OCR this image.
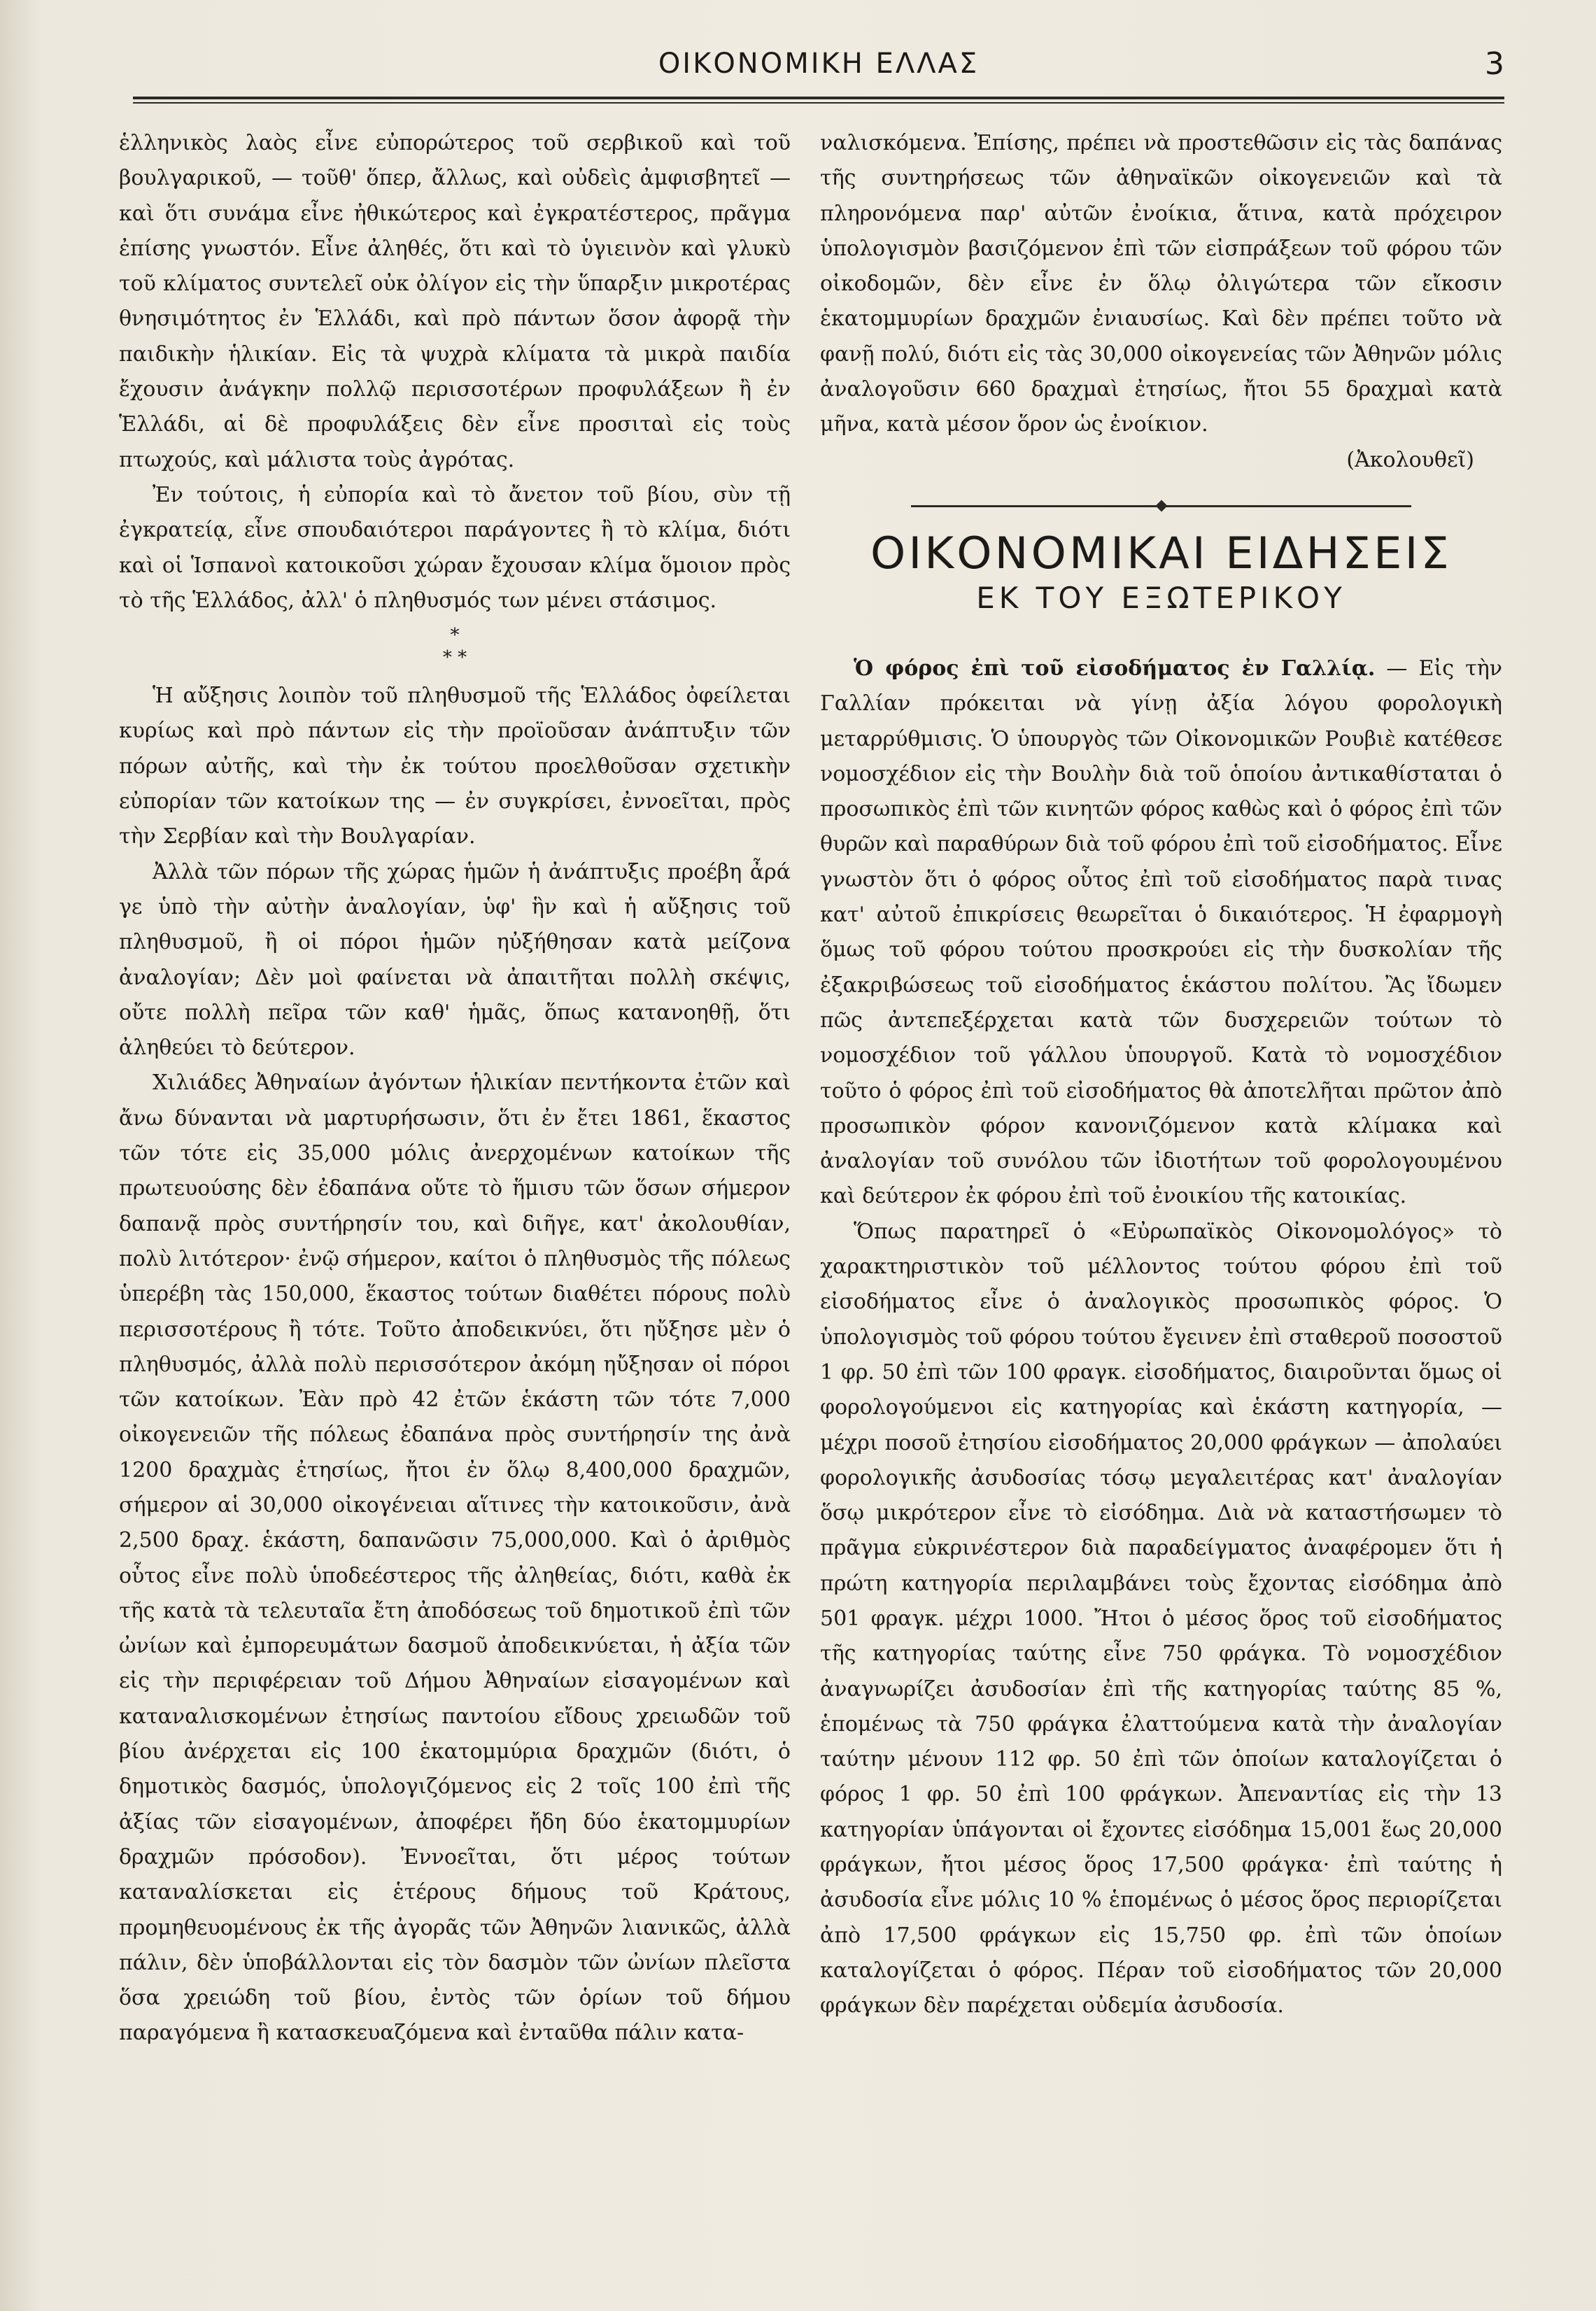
ΟΙΚΟΝΟΜΙΚΗ ΕΛΛΑΣ	3

ἑλληνικὸς λαὸς εἶνε εὐπορώτερος τοῦ σερβικοῦ καὶ τοῦ βουλγαρικοῦ, — τοῦθ' ὅπερ, ἄλλως, καὶ οὐδεὶς ἀμφισβητεῖ — καὶ ὅτι συνάμα εἶνε ἠθικώτερος καὶ ἐγκρατέστερος, πρᾶγμα ἐπίσης γνωστόν. Εἶνε ἀληθές, ὅτι καὶ τὸ ὑγιεινὸν καὶ γλυκὺ τοῦ κλίματος συντελεῖ οὐκ ὀλίγον εἰς τὴν ὕπαρξιν μικροτέρας θνησιμότητος ἐν Ἑλλάδι, καὶ πρὸ πάντων ὅσον ἀφορᾷ τὴν παιδικὴν ἡλικίαν. Εἰς τὰ ψυχρὰ κλίματα τὰ μικρὰ παιδία ἔχουσιν ἀνάγκην πολλῷ περισσοτέρων προφυλάξεων ἢ ἐν Ἑλλάδι, αἱ δὲ προφυλάξεις δὲν εἶνε προσιταὶ εἰς τοὺς πτωχούς, καὶ μάλιστα τοὺς ἀγρότας.

Ἐν τούτοις, ἡ εὐπορία καὶ τὸ ἄνετον τοῦ βίου, σὺν τῇ ἐγκρατείᾳ, εἶνε σπουδαιότεροι παράγοντες ἢ τὸ κλίμα, διότι καὶ οἱ Ἱσπανοὶ κατοικοῦσι χώραν ἔχουσαν κλίμα ὅμοιον πρὸς τὸ τῆς Ἑλλάδος, ἀλλ' ὁ πληθυσμός των μένει στάσιμος.

*
* *

Ἡ αὔξησις λοιπὸν τοῦ πληθυσμοῦ τῆς Ἑλλάδος ὀφείλεται κυρίως καὶ πρὸ πάντων εἰς τὴν προϊοῦσαν ἀνάπτυξιν τῶν πόρων αὐτῆς, καὶ τὴν ἐκ τούτου προελθοῦσαν σχετικὴν εὐπορίαν τῶν κατοίκων της — ἐν συγκρίσει, ἐννοεῖται, πρὸς τὴν Σερβίαν καὶ τὴν Βουλγαρίαν.

Ἀλλὰ τῶν πόρων τῆς χώρας ἡμῶν ἡ ἀνάπτυξις προέβη ἆρά γε ὑπὸ τὴν αὐτὴν ἀναλογίαν, ὑφ' ἣν καὶ ἡ αὔξησις τοῦ πληθυσμοῦ, ἢ οἱ πόροι ἡμῶν ηὐξήθησαν κατὰ μείζονα ἀναλογίαν; Δὲν μοὶ φαίνεται νὰ ἀπαιτῆται πολλὴ σκέψις, οὔτε πολλὴ πεῖρα τῶν καθ' ἡμᾶς, ὅπως κατανοηθῇ, ὅτι ἀληθεύει τὸ δεύτερον.

Χιλιάδες Ἀθηναίων ἀγόντων ἡλικίαν πεντήκοντα ἐτῶν καὶ ἄνω δύνανται νὰ μαρτυρήσωσιν, ὅτι ἐν ἔτει 1861, ἕκαστος τῶν τότε εἰς 35,000 μόλις ἀνερχομένων κατοίκων τῆς πρωτευούσης δὲν ἐδαπάνα οὔτε τὸ ἥμισυ τῶν ὅσων σήμερον δαπανᾷ πρὸς συντήρησίν του, καὶ διῆγε, κατ' ἀκολουθίαν, πολὺ λιτότερον· ἐνῷ σήμερον, καίτοι ὁ πληθυσμὸς τῆς πόλεως ὑπερέβη τὰς 150,000, ἕκαστος τούτων διαθέτει πόρους πολὺ περισσοτέρους ἢ τότε. Τοῦτο ἀποδεικνύει, ὅτι ηὔξησε μὲν ὁ πληθυσμός, ἀλλὰ πολὺ περισσότερον ἀκόμη ηὔξησαν οἱ πόροι τῶν κατοίκων. Ἐὰν πρὸ 42 ἐτῶν ἑκάστη τῶν τότε 7,000 οἰκογενειῶν τῆς πόλεως ἐδαπάνα πρὸς συντήρησίν της ἀνὰ 1200 δραχμὰς ἐτησίως, ἤτοι ἐν ὅλῳ 8,400,000 δραχμῶν, σήμερον αἱ 30,000 οἰκογένειαι αἵτινες τὴν κατοικοῦσιν, ἀνὰ 2,500 δραχ. ἑκάστη, δαπανῶσιν 75,000,000. Καὶ ὁ ἀριθμὸς οὗτος εἶνε πολὺ ὑποδεέστερος τῆς ἀληθείας, διότι, καθὰ ἐκ τῆς κατὰ τὰ τελευταῖα ἔτη ἀποδόσεως τοῦ δημοτικοῦ ἐπὶ τῶν ὠνίων καὶ ἐμπορευμάτων δασμοῦ ἀποδεικνύεται, ἡ ἀξία τῶν εἰς τὴν περιφέρειαν τοῦ Δήμου Ἀθηναίων εἰσαγομένων καὶ καταναλισκομένων ἐτησίως παντοίου εἴδους χρειωδῶν τοῦ βίου ἀνέρχεται εἰς 100 ἑκατομμύρια δραχμῶν (διότι, ὁ δημοτικὸς δασμός, ὑπολογιζόμενος εἰς 2 τοῖς 100 ἐπὶ τῆς ἀξίας τῶν εἰσαγομένων, ἀποφέρει ἤδη δύο ἑκατομμυρίων δραχμῶν πρόσοδον). Ἐννοεῖται, ὅτι μέρος τούτων καταναλίσκεται εἰς ἑτέρους δήμους τοῦ Κράτους, προμηθευομένους ἐκ τῆς ἀγορᾶς τῶν Ἀθηνῶν λιανικῶς, ἀλλὰ πάλιν, δὲν ὑποβάλλονται εἰς τὸν δασμὸν τῶν ὠνίων πλεῖστα ὅσα χρειώδη τοῦ βίου, ἐντὸς τῶν ὁρίων τοῦ δήμου παραγόμενα ἢ κατασκευαζόμενα καὶ ἐνταῦθα πάλιν κατα-

ναλισκόμενα. Ἐπίσης, πρέπει νὰ προστεθῶσιν εἰς τὰς δαπάνας τῆς συντηρήσεως τῶν ἀθηναϊκῶν οἰκογενειῶν καὶ τὰ πληρονόμενα παρ' αὐτῶν ἐνοίκια, ἅτινα, κατὰ πρόχειρον ὑπολογισμὸν βασιζόμενον ἐπὶ τῶν εἰσπράξεων τοῦ φόρου τῶν οἰκοδομῶν, δὲν εἶνε ἐν ὅλῳ ὀλιγώτερα τῶν εἴκοσιν ἑκατομμυρίων δραχμῶν ἐνιαυσίως. Καὶ δὲν πρέπει τοῦτο νὰ φανῇ πολύ, διότι εἰς τὰς 30,000 οἰκογενείας τῶν Ἀθηνῶν μόλις ἀναλογοῦσιν 660 δραχμαὶ ἐτησίως, ἤτοι 55 δραχμαὶ κατὰ μῆνα, κατὰ μέσον ὅρον ὡς ἐνοίκιον.

(Ἀκολουθεῖ)

ΟΙΚΟΝΟΜΙΚΑΙ ΕΙΔΗΣΕΙΣ
ΕΚ ΤΟΥ ΕΞΩΤΕΡΙΚΟΥ

Ὁ φόρος ἐπὶ τοῦ εἰσοδήματος ἐν Γαλλίᾳ. — Εἰς τὴν Γαλλίαν πρόκειται νὰ γίνῃ ἀξία λόγου φορολογικὴ μεταρρύθμισις. Ὁ ὑπουργὸς τῶν Οἰκονομικῶν Ρουβιὲ κατέθεσε νομοσχέδιον εἰς τὴν Βουλὴν διὰ τοῦ ὁποίου ἀντικαθίσταται ὁ προσωπικὸς ἐπὶ τῶν κινητῶν φόρος καθὼς καὶ ὁ φόρος ἐπὶ τῶν θυρῶν καὶ παραθύρων διὰ τοῦ φόρου ἐπὶ τοῦ εἰσοδήματος. Εἶνε γνωστὸν ὅτι ὁ φόρος οὗτος ἐπὶ τοῦ εἰσοδήματος παρὰ τινας κατ' αὐτοῦ ἐπικρίσεις θεωρεῖται ὁ δικαιότερος. Ἡ ἐφαρμογὴ ὅμως τοῦ φόρου τούτου προσκρούει εἰς τὴν δυσκολίαν τῆς ἐξακριβώσεως τοῦ εἰσοδήματος ἑκάστου πολίτου. Ἂς ἴδωμεν πῶς ἀντεπεξέρχεται κατὰ τῶν δυσχερειῶν τούτων τὸ νομοσχέδιον τοῦ γάλλου ὑπουργοῦ. Κατὰ τὸ νομοσχέδιον τοῦτο ὁ φόρος ἐπὶ τοῦ εἰσοδήματος θὰ ἀποτελῆται πρῶτον ἀπὸ προσωπικὸν φόρον κανονιζόμενον κατὰ κλίμακα καὶ ἀναλογίαν τοῦ συνόλου τῶν ἰδιοτήτων τοῦ φορολογουμένου καὶ δεύτερον ἐκ φόρου ἐπὶ τοῦ ἐνοικίου τῆς κατοικίας.

Ὅπως παρατηρεῖ ὁ «Εὐρωπαϊκὸς Οἰκονομολόγος» τὸ χαρακτηριστικὸν τοῦ μέλλοντος τούτου φόρου ἐπὶ τοῦ εἰσοδήματος εἶνε ὁ ἀναλογικὸς προσωπικὸς φόρος. Ὁ ὑπολογισμὸς τοῦ φόρου τούτου ἔγεινεν ἐπὶ σταθεροῦ ποσοστοῦ 1 φρ. 50 ἐπὶ τῶν 100 φραγκ. εἰσοδήματος, διαιροῦνται ὅμως οἱ φορολογούμενοι εἰς κατηγορίας καὶ ἑκάστη κατηγορία, — μέχρι ποσοῦ ἐτησίου εἰσοδήματος 20,000 φράγκων — ἀπολαύει φορολογικῆς ἀσυδοσίας τόσῳ μεγαλειτέρας κατ' ἀναλογίαν ὅσῳ μικρότερον εἶνε τὸ εἰσόδημα. Διὰ νὰ καταστήσωμεν τὸ πρᾶγμα εὐκρινέστερον διὰ παραδείγματος ἀναφέρομεν ὅτι ἡ πρώτη κατηγορία περιλαμβάνει τοὺς ἔχοντας εἰσόδημα ἀπὸ 501 φραγκ. μέχρι 1000. Ἤτοι ὁ μέσος ὅρος τοῦ εἰσοδήματος τῆς κατηγορίας ταύτης εἶνε 750 φράγκα. Τὸ νομοσχέδιον ἀναγνωρίζει ἀσυδοσίαν ἐπὶ τῆς κατηγορίας ταύτης 85 %, ἑπομένως τὰ 750 φράγκα ἐλαττούμενα κατὰ τὴν ἀναλογίαν ταύτην μένουν 112 φρ. 50 ἐπὶ τῶν ὁποίων καταλογίζεται ὁ φόρος 1 φρ. 50 ἐπὶ 100 φράγκων. Ἀπεναντίας εἰς τὴν 13 κατηγορίαν ὑπάγονται οἱ ἔχοντες εἰσόδημα 15,001 ἕως 20,000 φράγκων, ἤτοι μέσος ὅρος 17,500 φράγκα· ἐπὶ ταύτης ἡ ἀσυδοσία εἶνε μόλις 10 % ἑπομένως ὁ μέσος ὅρος περιορίζεται ἀπὸ 17,500 φράγκων εἰς 15,750 φρ. ἐπὶ τῶν ὁποίων καταλογίζεται ὁ φόρος. Πέραν τοῦ εἰσοδήματος τῶν 20,000 φράγκων δὲν παρέχεται οὐδεμία ἀσυδοσία.
